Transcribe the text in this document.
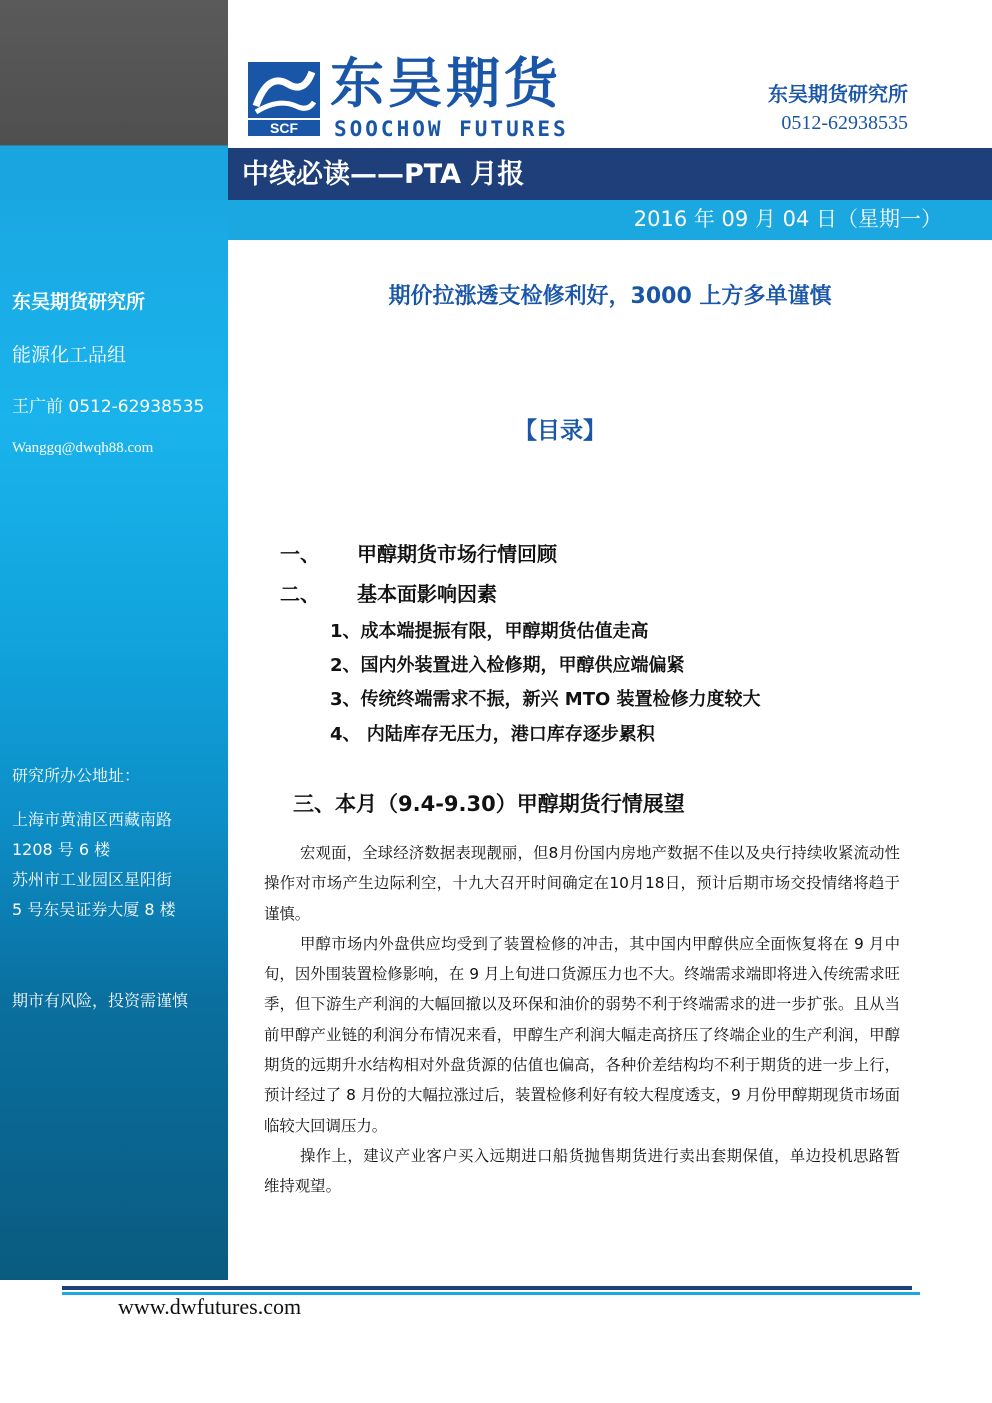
东吴期货研究所

能源化工品组

王广前 0512-62938535

Wanggq@dwqh88.com

研究所办公地址：

上海市黄浦区西藏南路
1208 号 6 楼
苏州市工业园区星阳街
5 号东吴证券大厦 8 楼

期市有风险，投资需谨慎

SCF

东吴期货

SOOCHOW FUTURES

东吴期货研究所

0512-62938535

中线必读——PTA 月报

2016 年 09 月 04 日（星期一）

期价拉涨透支检修利好，3000 上方多单谨慎

【目录】

一、 甲醇期货市场行情回顾

二、 基本面影响因素

1、成本端提振有限，甲醇期货估值走高

2、国内外装置进入检修期，甲醇供应端偏紧

3、传统终端需求不振，新兴 MTO 装置检修力度较大

4、 内陆库存无压力，港口库存逐步累积

三、本月（9.4-9.30）甲醇期货行情展望

宏观面，全球经济数据表现靓丽，但8月份国内房地产数据不佳以及央行持续收紧流动性操作对市场产生边际利空，十九大召开时间确定在10月18日，预计后期市场交投情绪将趋于谨慎。

甲醇市场内外盘供应均受到了装置检修的冲击，其中国内甲醇供应全面恢复将在 9 月中旬，因外围装置检修影响，在 9 月上旬进口货源压力也不大。终端需求端即将进入传统需求旺季，但下游生产利润的大幅回撤以及环保和油价的弱势不利于终端需求的进一步扩张。且从当前甲醇产业链的利润分布情况来看，甲醇生产利润大幅走高挤压了终端企业的生产利润，甲醇期货的远期升水结构相对外盘货源的估值也偏高，各种价差结构均不利于期货的进一步上行，预计经过了 8 月份的大幅拉涨过后，装置检修利好有较大程度透支，9 月份甲醇期现货市场面临较大回调压力。

操作上，建议产业客户买入远期进口船货抛售期货进行卖出套期保值，单边投机思路暂维持观望。

www.dwfutures.com
